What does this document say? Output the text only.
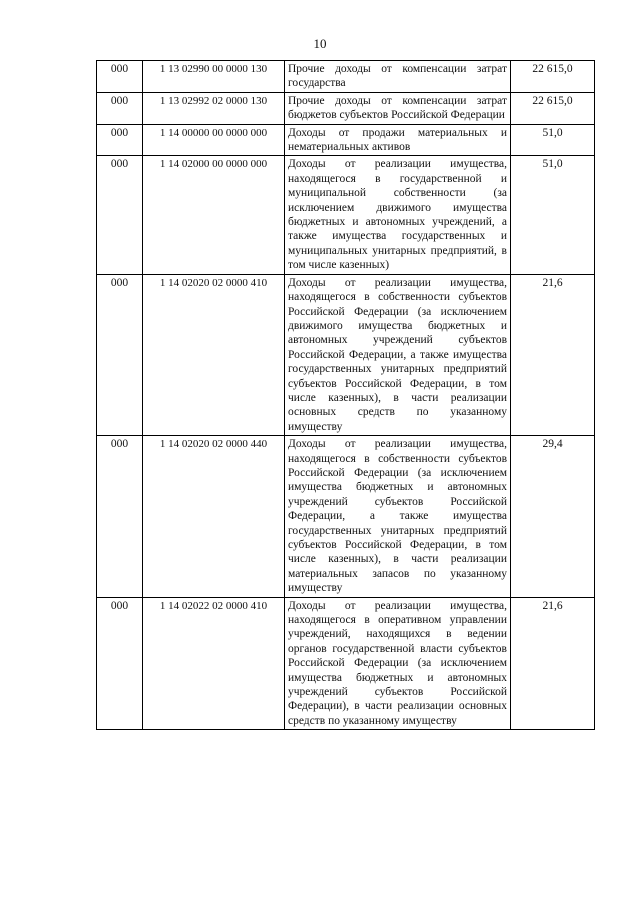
10
000	1 13 02990 00 0000 130	Прочие доходы от компенсации затрат государства	22 615,0
000	1 13 02992 02 0000 130	Прочие доходы от компенсации затрат бюджетов субъектов Российской Федерации	22 615,0
000	1 14 00000 00 0000 000	Доходы от продажи материальных и нематериальных активов	51,0
000	1 14 02000 00 0000 000	Доходы от реализации имущества, находящегося в государственной и муниципальной собственности (за исключением движимого имущества бюджетных и автономных учреждений, а также имущества государственных и муниципальных унитарных предприятий, в том числе казенных)	51,0
000	1 14 02020 02 0000 410	Доходы от реализации имущества, находящегося в собственности субъектов Российской Федерации (за исключением движимого имущества бюджетных и автономных учреждений субъектов Российской Федерации, а также имущества государственных унитарных предприятий субъектов Российской Федерации, в том числе казенных), в части реализации основных средств по указанному имуществу	21,6
000	1 14 02020 02 0000 440	Доходы от реализации имущества, находящегося в собственности субъектов Российской Федерации (за исключением имущества бюджетных и автономных учреждений субъектов Российской Федерации, а также имущества государственных унитарных предприятий субъектов Российской Федерации, в том числе казенных), в части реализации материальных запасов по указанному имуществу	29,4
000	1 14 02022 02 0000 410	Доходы от реализации имущества, находящегося в оперативном управлении учреждений, находящихся в ведении органов государственной власти субъектов Российской Федерации (за исключением имущества бюджетных и автономных учреждений субъектов Российской Федерации), в части реализации основных средств по указанному имуществу	21,6
